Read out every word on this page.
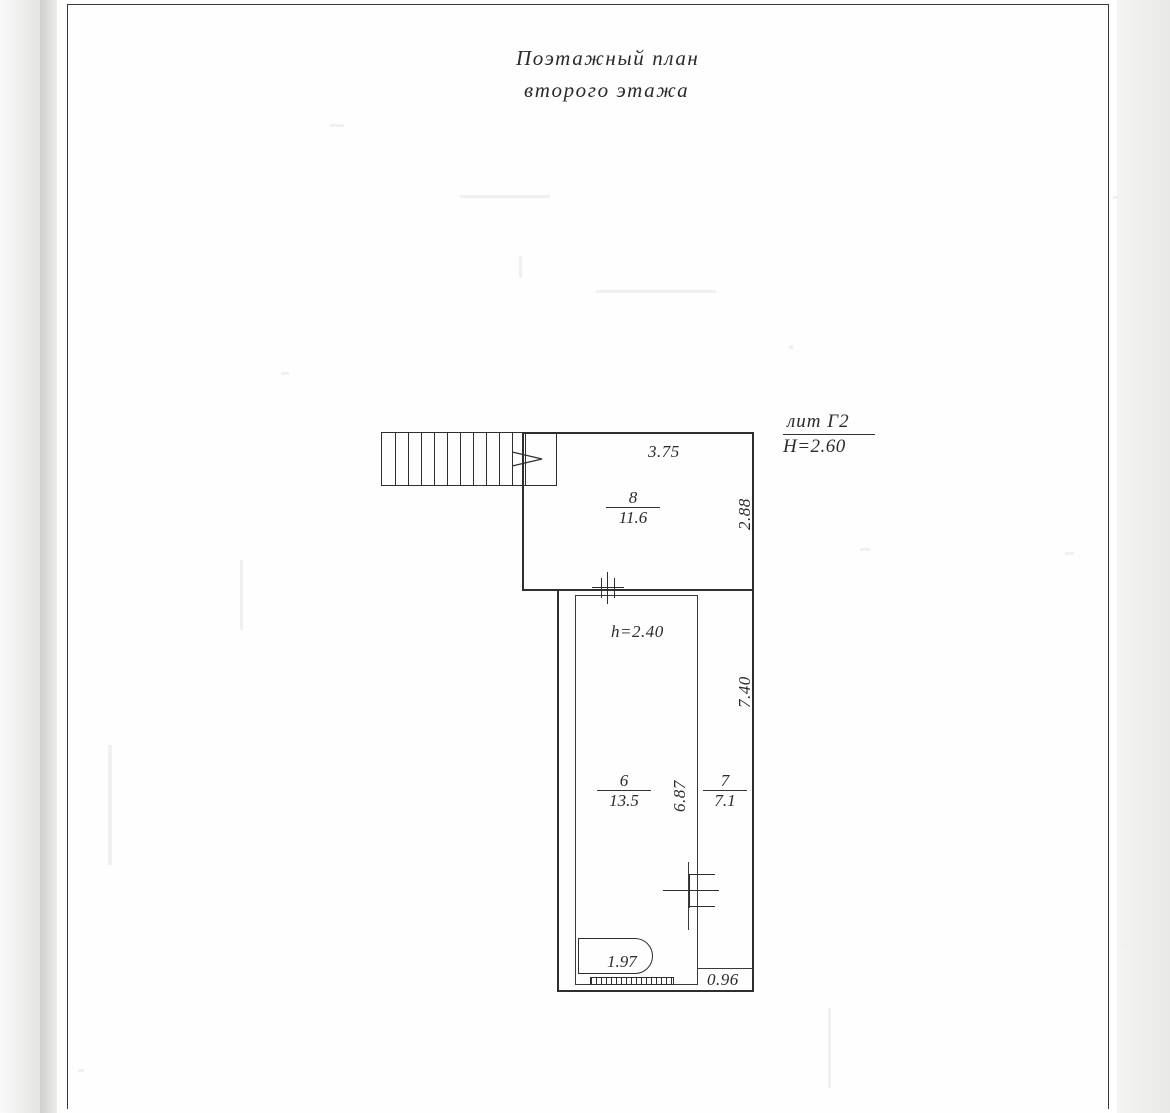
Поэтажный план
второго этажа
лит Г2
H=2.60
1.97
3.75
2.88
7.40
6.87
0.96
h=2.40
8
11.6
6
13.5
7
7.1
